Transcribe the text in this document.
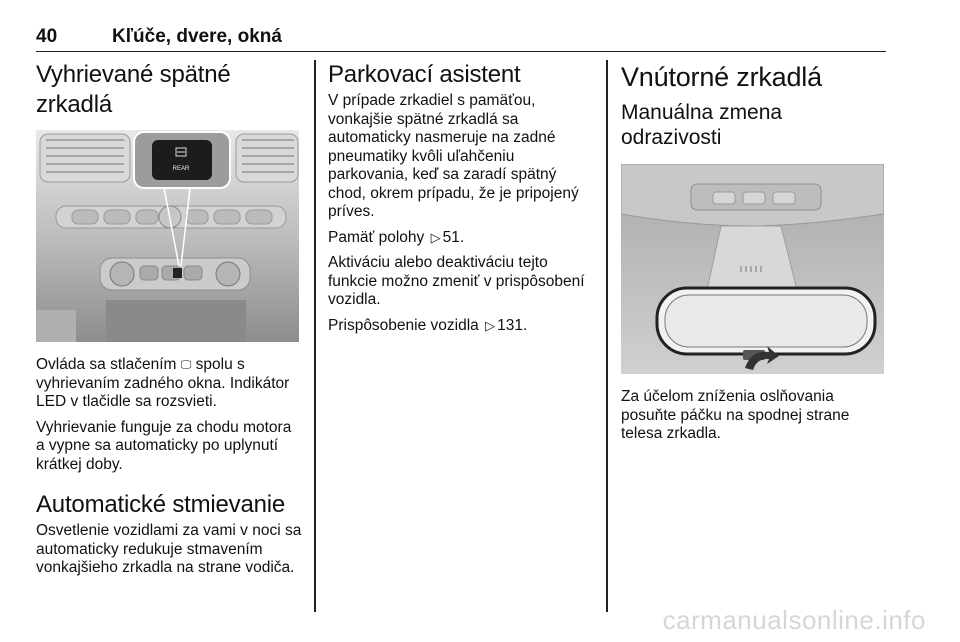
40	Kľúče, dvere, okná
Vyhrievané spätné zrkadlá
REAR
Ovláda sa stlačením 🖵 spolu s vyhrievaním zadného okna. Indikátor LED v tlačidle sa rozsvieti.
Vyhrievanie funguje za chodu motora a vypne sa automaticky po uplynutí krátkej doby.
Automatické stmievanie
Osvetlenie vozidlami za vami v noci sa automaticky redukuje stmavením vonkajšieho zrkadla na strane vodiča.
Parkovací asistent
V prípade zrkadiel s pamäťou, vonkajšie spätné zrkadlá sa automaticky nasmeruje na zadné pneumatiky kvôli uľahčeniu parkovania, keď sa zaradí spätný chod, okrem prípadu, že je pripojený príves.
Pamäť polohy ▷ 51.
Aktiváciu alebo deaktiváciu tejto funkcie možno zmeniť v prispôsobení vozidla.
Prispôsobenie vozidla ▷ 131.
Vnútorné zrkadlá
Manuálna zmena odrazivosti
Za účelom zníženia oslňovania posuňte páčku na spodnej strane telesa zrkadla.
carmanualsonline.info
